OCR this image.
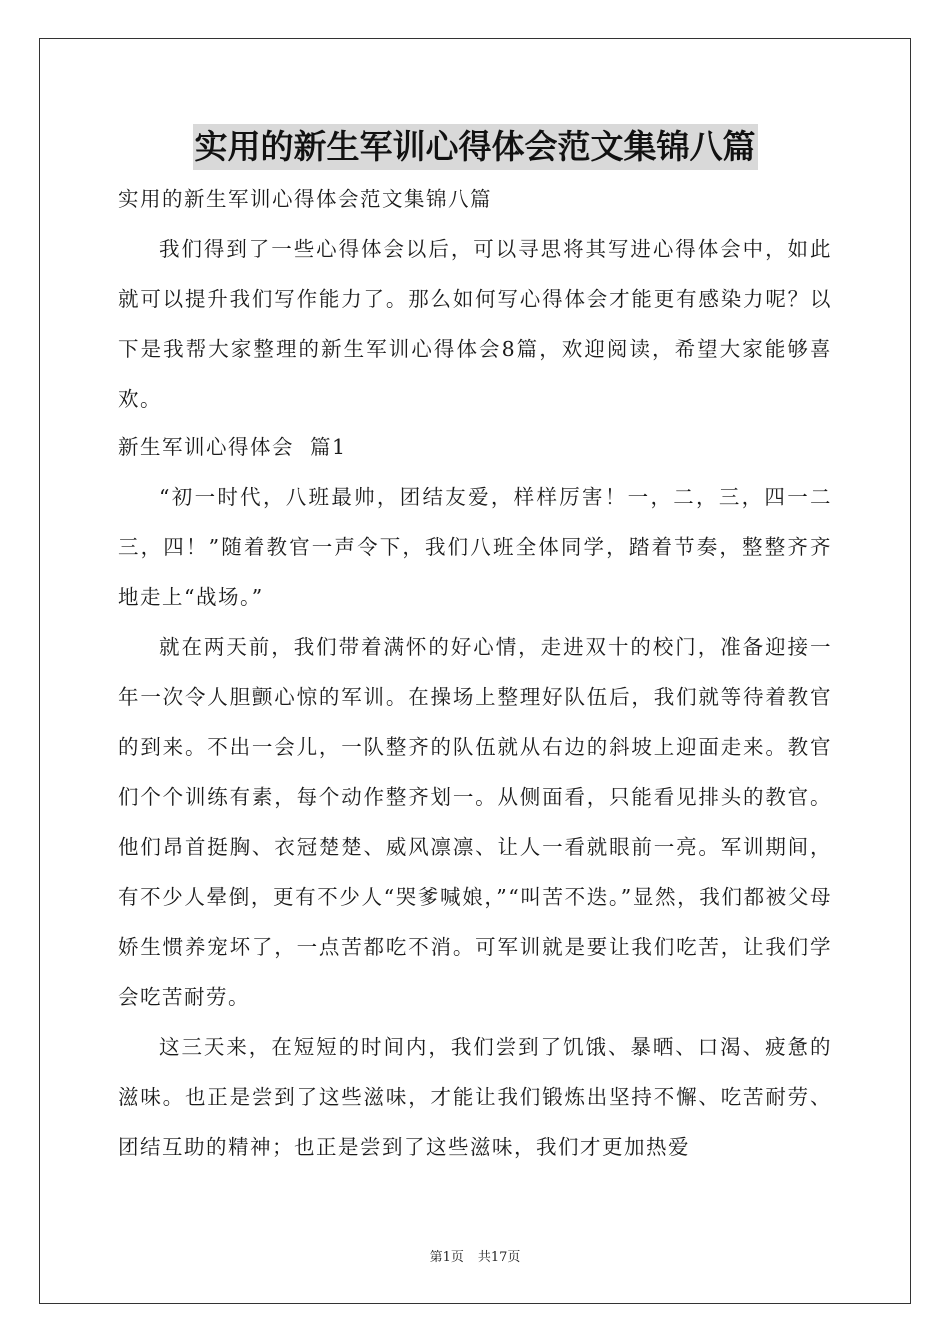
实用的新生军训心得体会范文集锦八篇

实用的新生军训心得体会范文集锦八篇

我们得到了一些心得体会以后，可以寻思将其写进心得体会中，如此就可以提升我们写作能力了。那么如何写心得体会才能更有感染力呢？以下是我帮大家整理的新生军训心得体会8篇，欢迎阅读，希望大家能够喜欢。

新生军训心得体会  篇1

“初一时代，八班最帅，团结友爱，样样厉害！一，二，三，四一二三，四！”随着教官一声令下，我们八班全体同学，踏着节奏，整整齐齐地走上“战场。”

就在两天前，我们带着满怀的好心情，走进双十的校门，准备迎接一年一次令人胆颤心惊的军训。在操场上整理好队伍后，我们就等待着教官的到来。不出一会儿，一队整齐的队伍就从右边的斜坡上迎面走来。教官们个个训练有素，每个动作整齐划一。从侧面看，只能看见排头的教官。他们昂首挺胸、衣冠楚楚、威风凛凛、让人一看就眼前一亮。军训期间，有不少人晕倒，更有不少人“哭爹喊娘，”“叫苦不迭。”显然，我们都被父母娇生惯养宠坏了，一点苦都吃不消。可军训就是要让我们吃苦，让我们学会吃苦耐劳。

这三天来，在短短的时间内，我们尝到了饥饿、暴晒、口渴、疲惫的滋味。也正是尝到了这些滋味，才能让我们锻炼出坚持不懈、吃苦耐劳、团结互助的精神；也正是尝到了这些滋味，我们才更加热爱

第1页 共17页
